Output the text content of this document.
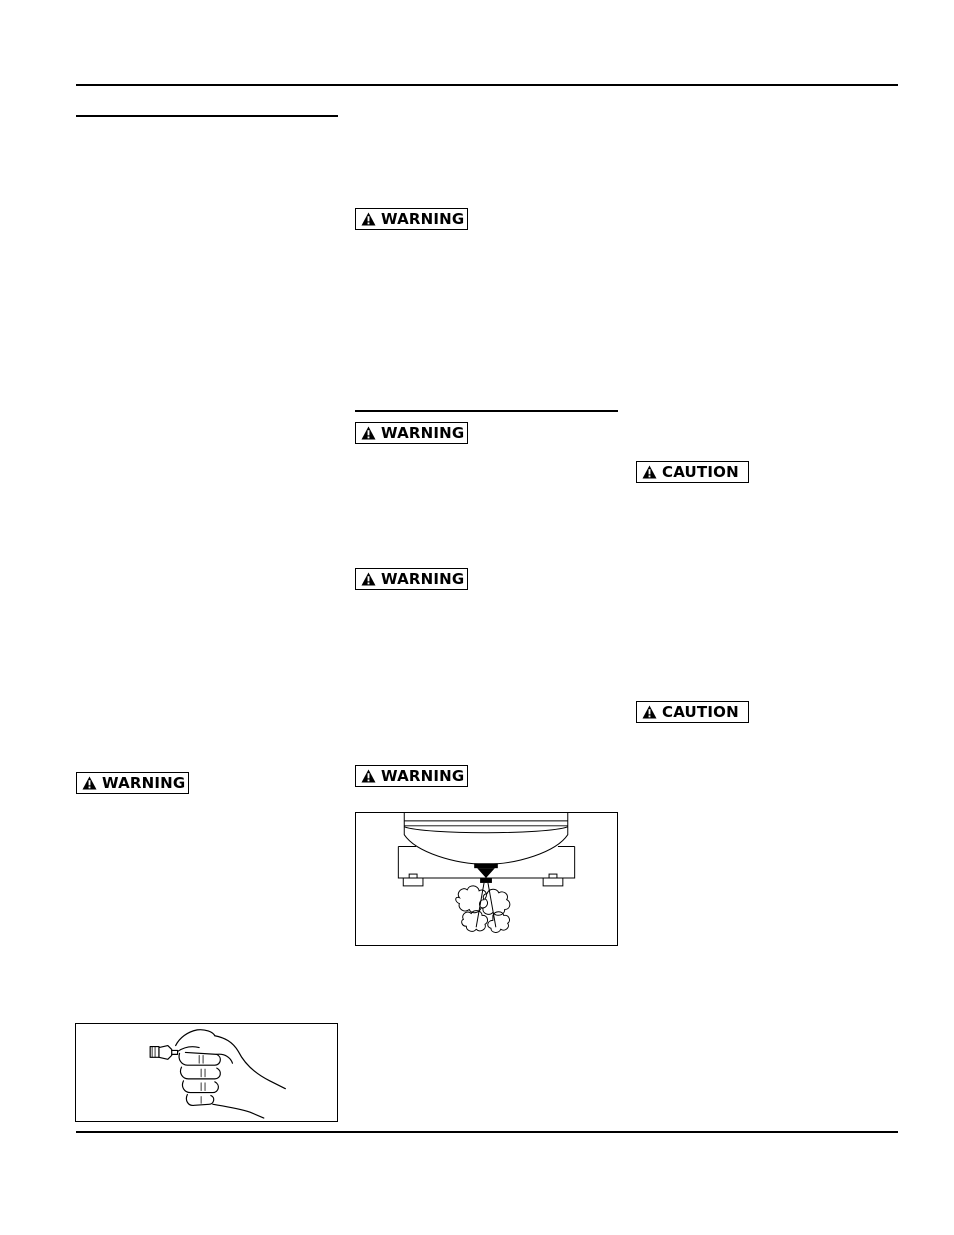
WARNING
WARNING
CAUTION
WARNING
CAUTION
WARNING
WARNING
